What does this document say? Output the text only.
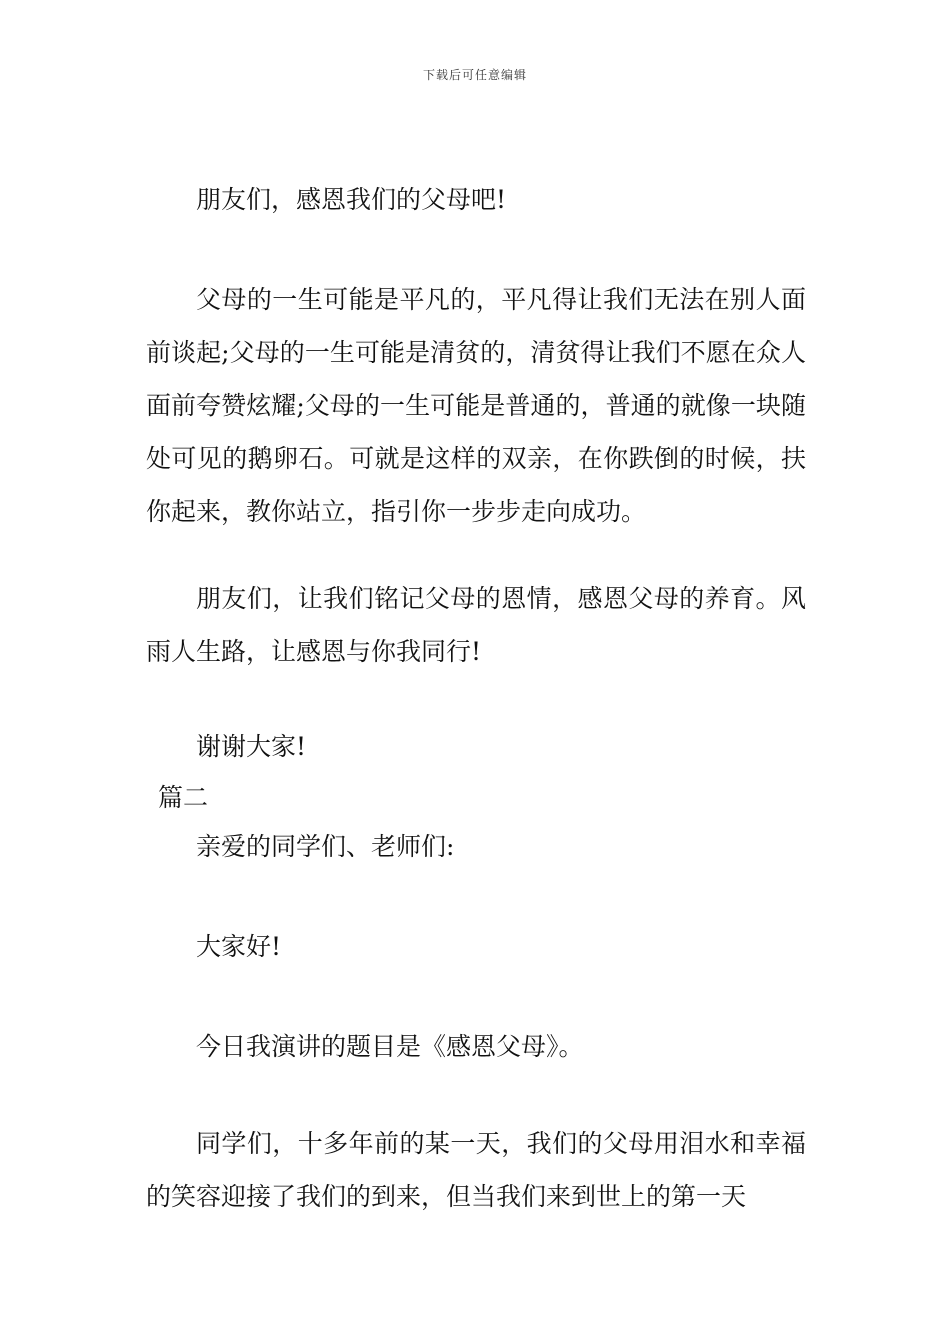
下载后可任意编辑

朋友们，感恩我们的父母吧!

父母的一生可能是平凡的，平凡得让我们无法在别人面前谈起;父母的一生可能是清贫的，清贫得让我们不愿在众人面前夸赞炫耀;父母的一生可能是普通的，普通的就像一块随处可见的鹅卵石。可就是这样的双亲，在你跌倒的时候，扶你起来，教你站立，指引你一步步走向成功。

朋友们，让我们铭记父母的恩情，感恩父母的养育。风雨人生路，让感恩与你我同行!

谢谢大家!

篇二

亲爱的同学们、老师们:

大家好!

今日我演讲的题目是《感恩父母》。

同学们，十多年前的某一天，我们的父母用泪水和幸福的笑容迎接了我们的到来，但当我们来到世上的第一天
